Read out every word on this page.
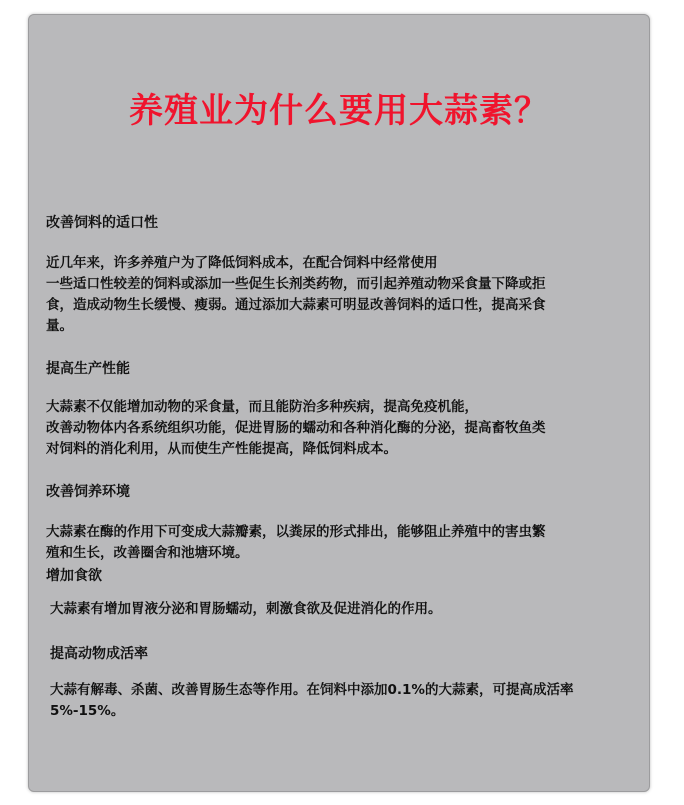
养殖业为什么要用大蒜素？
改善饲料的适口性
近几年来，许多养殖户为了降低饲料成本，在配合饲料中经常使用
一些适口性较差的饲料或添加一些促生长剂类药物，而引起养殖动物采食量下降或拒
食，造成动物生长缓慢、瘦弱。通过添加大蒜素可明显改善饲料的适口性，提高采食
量。
提高生产性能
大蒜素不仅能增加动物的采食量，而且能防治多种疾病，提高免疫机能，
改善动物体内各系统组织功能，促进胃肠的蠕动和各种消化酶的分泌，提高畜牧鱼类
对饲料的消化利用，从而使生产性能提高，降低饲料成本。
改善饲养环境
大蒜素在酶的作用下可变成大蒜瓣素，以粪尿的形式排出，能够阻止养殖中的害虫繁
殖和生长，改善圈舍和池塘环境。
增加食欲
大蒜素有增加胃液分泌和胃肠蠕动，刺激食欲及促进消化的作用。
提高动物成活率
大蒜有解毒、杀菌、改善胃肠生态等作用。在饲料中添加0.1%的大蒜素，可提高成活率
5%-15%。
